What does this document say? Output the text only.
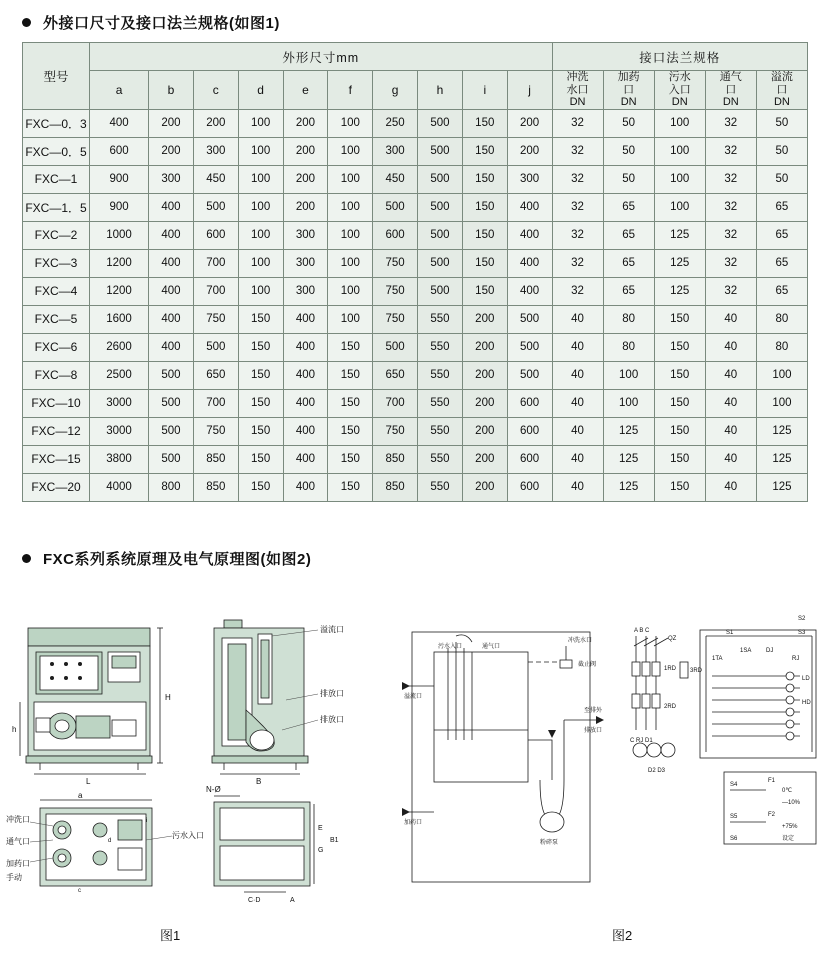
外接口尺寸及接口法兰规格(如图1)
型号	外形尺寸mm										接口法兰规格				
	a	b	c	d	e	f	g	h	i	j	冲洗
水口
DN	加药
口
DN	污水
入口
DN	通气
口
DN	溢流
口
DN

FXC—0．3	400	200	200	100	200	100	250	500	150	200	32	50	100	32	50
FXC—0．5	600	200	300	100	200	100	300	500	150	200	32	50	100	32	50
FXC—1	900	300	450	100	200	100	450	500	150	300	32	50	100	32	50
FXC—1．5	900	400	500	100	200	100	500	500	150	400	32	65	100	32	65
FXC—2	1000	400	600	100	300	100	600	500	150	400	32	65	125	32	65
FXC—3	1200	400	700	100	300	100	750	500	150	400	32	65	125	32	65
FXC—4	1200	400	700	100	300	100	750	500	150	400	32	65	125	32	65
FXC—5	1600	400	750	150	400	100	750	550	200	500	40	80	150	40	80
FXC—6	2600	400	500	150	400	150	500	550	200	500	40	80	150	40	80
FXC—8	2500	500	650	150	400	150	650	550	200	500	40	100	150	40	100
FXC—10	3000	500	700	150	400	150	700	550	200	600	40	100	150	40	100
FXC—12	3000	500	750	150	400	150	750	550	200	600	40	125	150	40	125
FXC—15	3800	500	850	150	400	150	850	550	200	600	40	125	150	40	125
FXC—20	4000	800	850	150	400	150	850	550	200	600	40	125	150	40	125
FXC系列系统原理及电气原理图(如图2)
H
h
L	B
溢流口
排放口
排放口
a
冲洗口
通气口
加药口
手动
污水入口
d
i
c
N-Ø
C·D	A
E
G
B1
污水入口	通气口
冲洗水口
截止阀
溢流口
加药口
粉碎泵
至排外
排放口
A B C
QZ
1RD 3RD
2RD
C RJ D1
D2 D3
S1
S2
S3
1TA
1SA DJ
RJ
LD
HD
S4
F1
0℃
—10%
S5	F2
+75%
设定
S6
图1	图2
